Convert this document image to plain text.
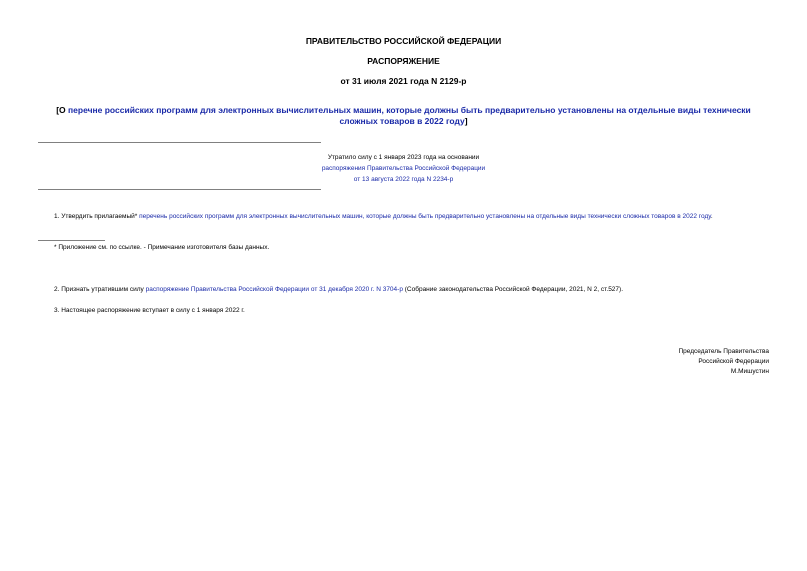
ПРАВИТЕЛЬСТВО РОССИЙСКОЙ ФЕДЕРАЦИИ
РАСПОРЯЖЕНИЕ
от 31 июля 2021 года N 2129-р
[О перечне российских программ для электронных вычислительных машин, которые должны быть предварительно установлены на отдельные виды технически сложных товаров в 2022 году]
Утратило силу с 1 января 2023 года на основании
распоряжения Правительства Российской Федерации
от 13 августа 2022 года N 2234-р
1. Утвердить прилагаемый* перечень российских программ для электронных вычислительных машин, которые должны быть предварительно установлены на отдельные виды технически сложных товаров в 2022 году.
* Приложение см. по ссылке. - Примечание изготовителя базы данных.
2. Признать утратившим силу распоряжение Правительства Российской Федерации от 31 декабря 2020 г. N 3704-р (Собрание законодательства Российской Федерации, 2021, N 2, ст.527).
3. Настоящее распоряжение вступает в силу с 1 января 2022 г.
Председатель Правительства
Российской Федерации
М.Мишустин
